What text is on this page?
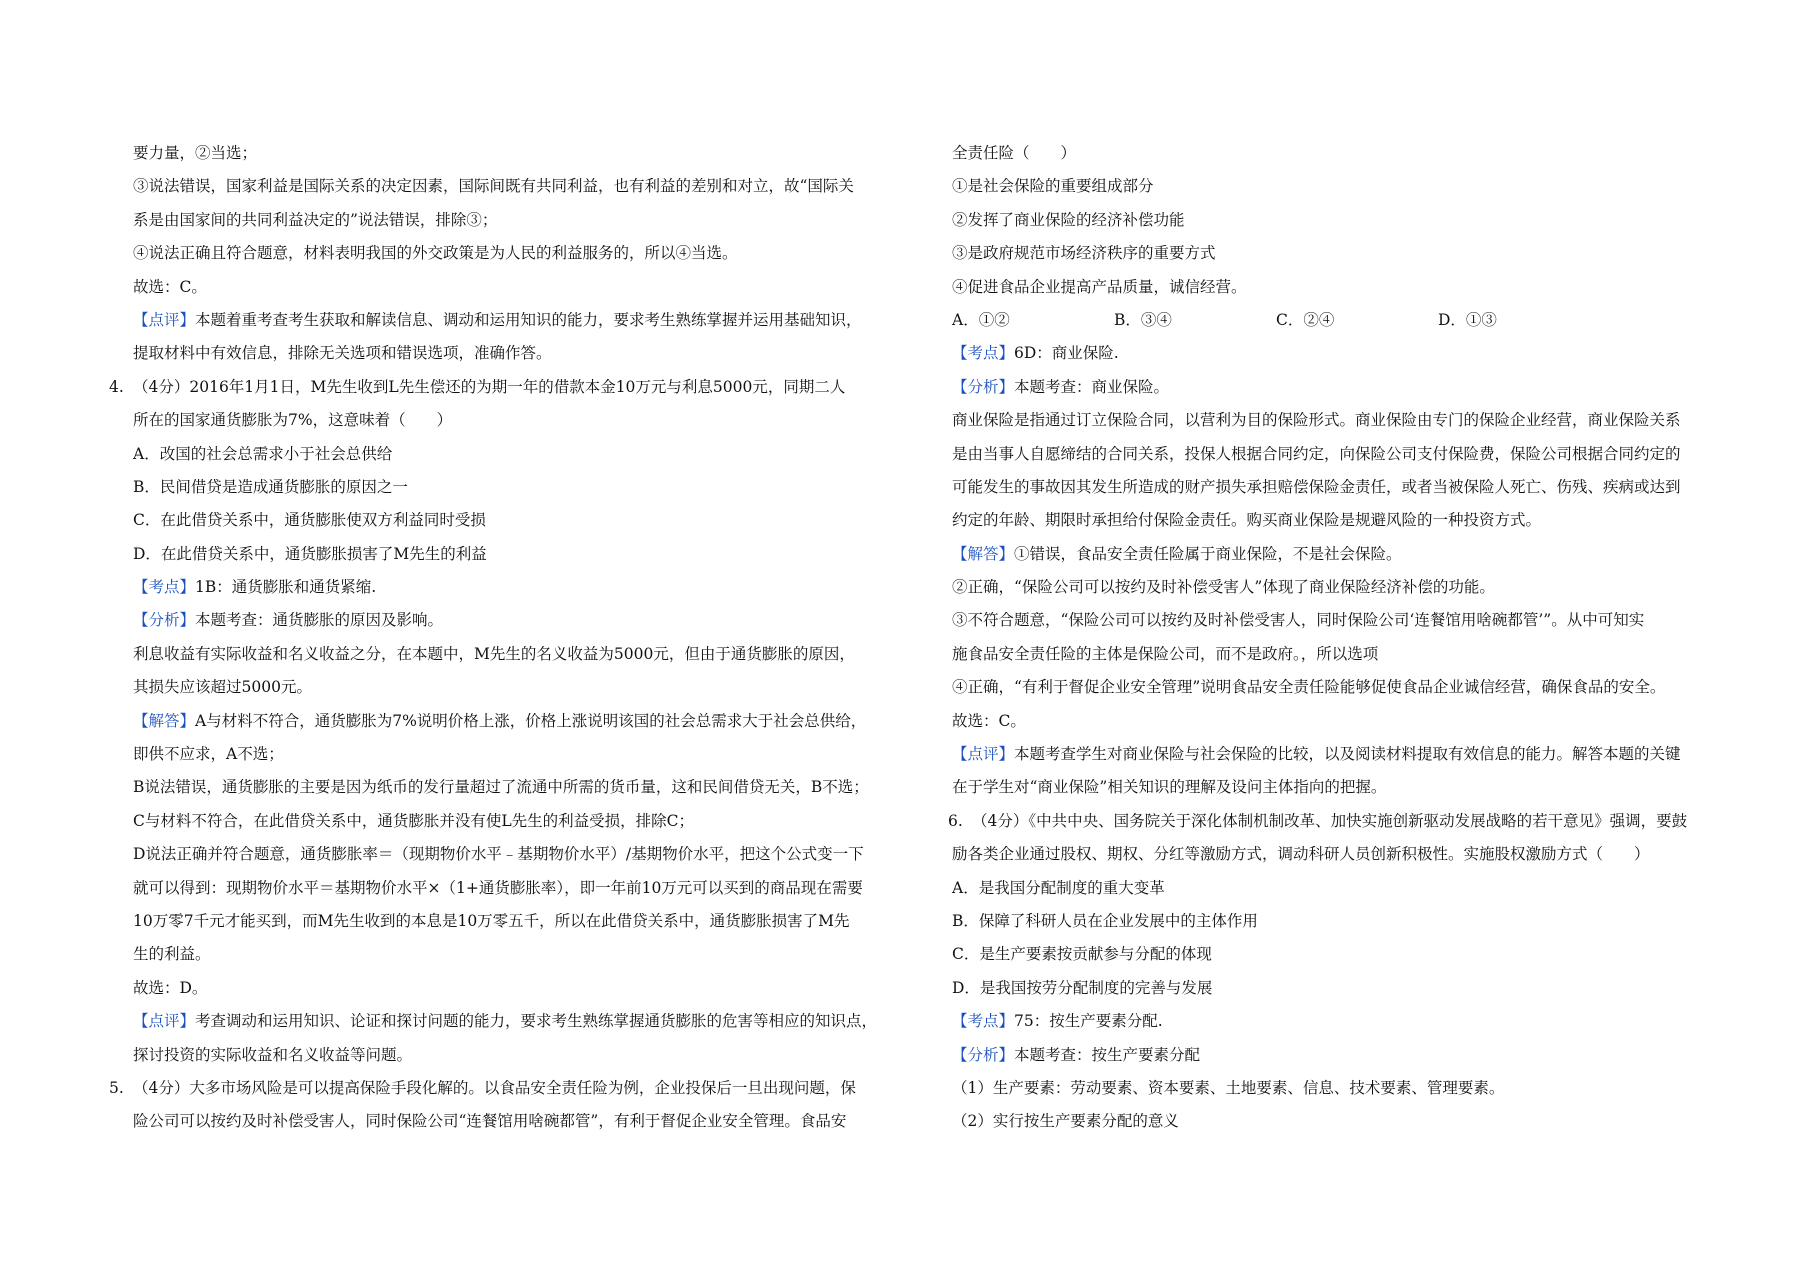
要力量，②当选；
③说法错误，国家利益是国际关系的决定因素，国际间既有共同利益，也有利益的差别和对立，故“国际关
系是由国家间的共同利益决定的”说法错误，排除③；
④说法正确且符合题意，材料表明我国的外交政策是为人民的利益服务的，所以④当选。
故选：C。
【点评】本题着重考查考生获取和解读信息、调动和运用知识的能力，要求考生熟练掌握并运用基础知识，
提取材料中有效信息，排除无关选项和错误选项，准确作答。
4. （4分）2016年1月1日，M先生收到L先生偿还的为期一年的借款本金10万元与利息5000元，同期二人
所在的国家通货膨胀为7%，这意味着（　　）
A．改国的社会总需求小于社会总供给
B．民间借贷是造成通货膨胀的原因之一
C．在此借贷关系中，通货膨胀使双方利益同时受损
D．在此借贷关系中，通货膨胀损害了M先生的利益
【考点】1B：通货膨胀和通货紧缩.
【分析】本题考查：通货膨胀的原因及影响。
利息收益有实际收益和名义收益之分，在本题中，M先生的名义收益为5000元，但由于通货膨胀的原因，
其损失应该超过5000元。
【解答】A与材料不符合，通货膨胀为7%说明价格上涨，价格上涨说明该国的社会总需求大于社会总供给，
即供不应求，A不选；
B说法错误，通货膨胀的主要是因为纸币的发行量超过了流通中所需的货币量，这和民间借贷无关，B不选；
C与材料不符合，在此借贷关系中，通货膨胀并没有使L先生的利益受损，排除C；
D说法正确并符合题意，通货膨胀率＝（现期物价水平﹣基期物价水平）/基期物价水平，把这个公式变一下
就可以得到：现期物价水平＝基期物价水平×（1+通货膨胀率），即一年前10万元可以买到的商品现在需要
10万零7千元才能买到，而M先生收到的本息是10万零五千，所以在此借贷关系中，通货膨胀损害了M先
生的利益。
故选：D。
【点评】考查调动和运用知识、论证和探讨问题的能力，要求考生熟练掌握通货膨胀的危害等相应的知识点，
探讨投资的实际收益和名义收益等问题。
5. （4分）大多市场风险是可以提高保险手段化解的。以食品安全责任险为例，企业投保后一旦出现问题，保
险公司可以按约及时补偿受害人，同时保险公司“连餐馆用啥碗都管”，有利于督促企业安全管理。食品安
全责任险（　　）
①是社会保险的重要组成部分
②发挥了商业保险的经济补偿功能
③是政府规范市场经济秩序的重要方式
④促进食品企业提高产品质量，诚信经营。
A．①②	B．③④	C．②④	D．①③
【考点】6D：商业保险.
【分析】本题考查：商业保险。
商业保险是指通过订立保险合同，以营利为目的保险形式。商业保险由专门的保险企业经营，商业保险关系
是由当事人自愿缔结的合同关系，投保人根据合同约定，向保险公司支付保险费，保险公司根据合同约定的
可能发生的事故因其发生所造成的财产损失承担赔偿保险金责任，或者当被保险人死亡、伤残、疾病或达到
约定的年龄、期限时承担给付保险金责任。购买商业保险是规避风险的一种投资方式。
【解答】①错误，食品安全责任险属于商业保险，不是社会保险。
②正确，“保险公司可以按约及时补偿受害人”体现了商业保险经济补偿的功能。
③不符合题意，“保险公司可以按约及时补偿受害人，同时保险公司‘连餐馆用啥碗都管’”。从中可知实
施食品安全责任险的主体是保险公司，而不是政府。，所以选项
④正确，“有利于督促企业安全管理”说明食品安全责任险能够促使食品企业诚信经营，确保食品的安全。
故选：C。
【点评】本题考查学生对商业保险与社会保险的比较，以及阅读材料提取有效信息的能力。解答本题的关键
在于学生对“商业保险”相关知识的理解及设问主体指向的把握。
6. （4分）《中共中央、国务院关于深化体制机制改革、加快实施创新驱动发展战略的若干意见》强调，要鼓
励各类企业通过股权、期权、分红等激励方式，调动科研人员创新积极性。实施股权激励方式（　　）
A．是我国分配制度的重大变革
B．保障了科研人员在企业发展中的主体作用
C．是生产要素按贡献参与分配的体现
D．是我国按劳分配制度的完善与发展
【考点】75：按生产要素分配.
【分析】本题考查：按生产要素分配
（1）生产要素：劳动要素、资本要素、土地要素、信息、技术要素、管理要素。
（2）实行按生产要素分配的意义
